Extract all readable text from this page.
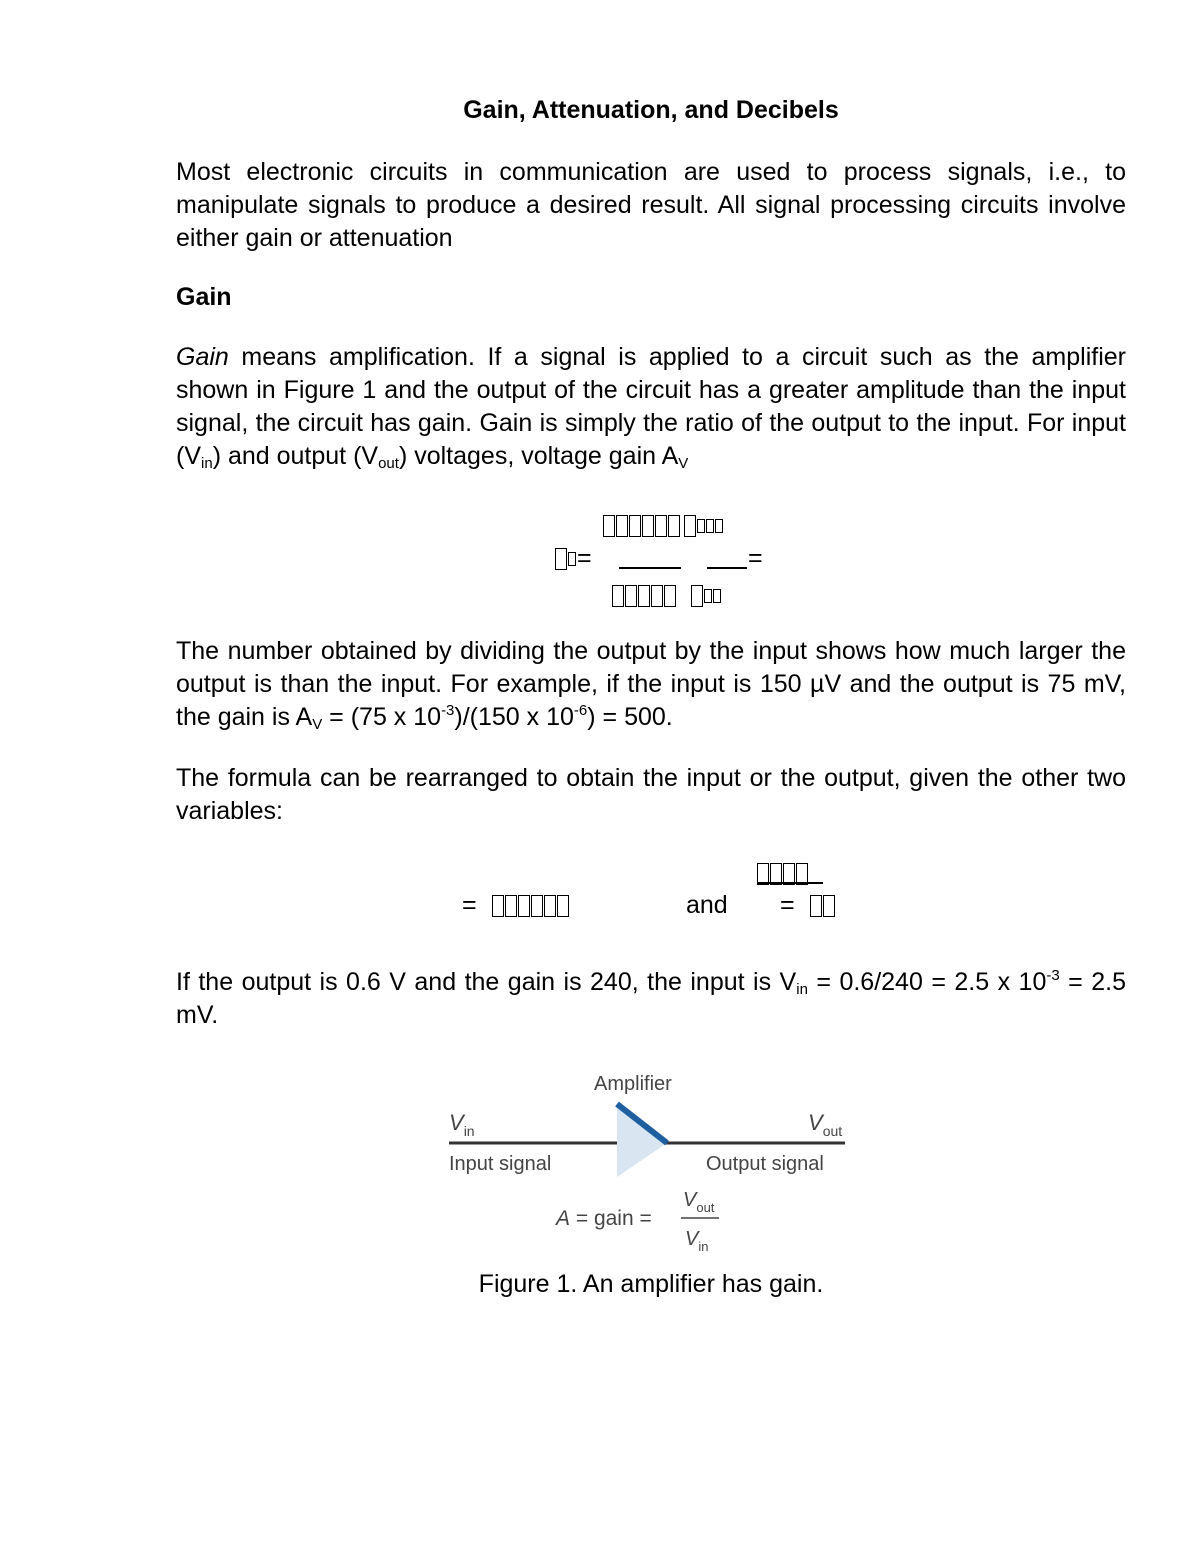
Gain, Attenuation, and Decibels

Most electronic circuits in communication are used to process signals, i.e., to manipulate signals to produce a desired result. All signal processing circuits involve either gain or attenuation

Gain

Gain means amplification. If a signal is applied to a circuit such as the amplifier shown in Figure 1 and the output of the circuit has a greater amplitude than the input signal, the circuit has gain. Gain is simply the ratio of the output to the input. For input $(V_{in})$ and output $(V_{out})$ voltages, voltage gain $A_V$

=	=

The number obtained by dividing the output by the input shows how much larger the output is than the input. For example, if the input is 150 µV and the output is 75 mV, the gain is $A_V = (75$ x $10^{-3})/(150$ x $10^{-6}) = 500$.

The formula can be rearranged to obtain the input or the output, given the other two variables:

=	and =

If the output is 0.6 V and the gain is 240, the input is $V_{in} = 0.6/240 = 2.5$ x $10^{-3} = 2.5$ mV.

Amplifier
$V_{in}$	$V_{out}$
Input signal	Output signal
A = gain =
$V_{out}$
$V_{in}$
Figure 1. An amplifier has gain.
